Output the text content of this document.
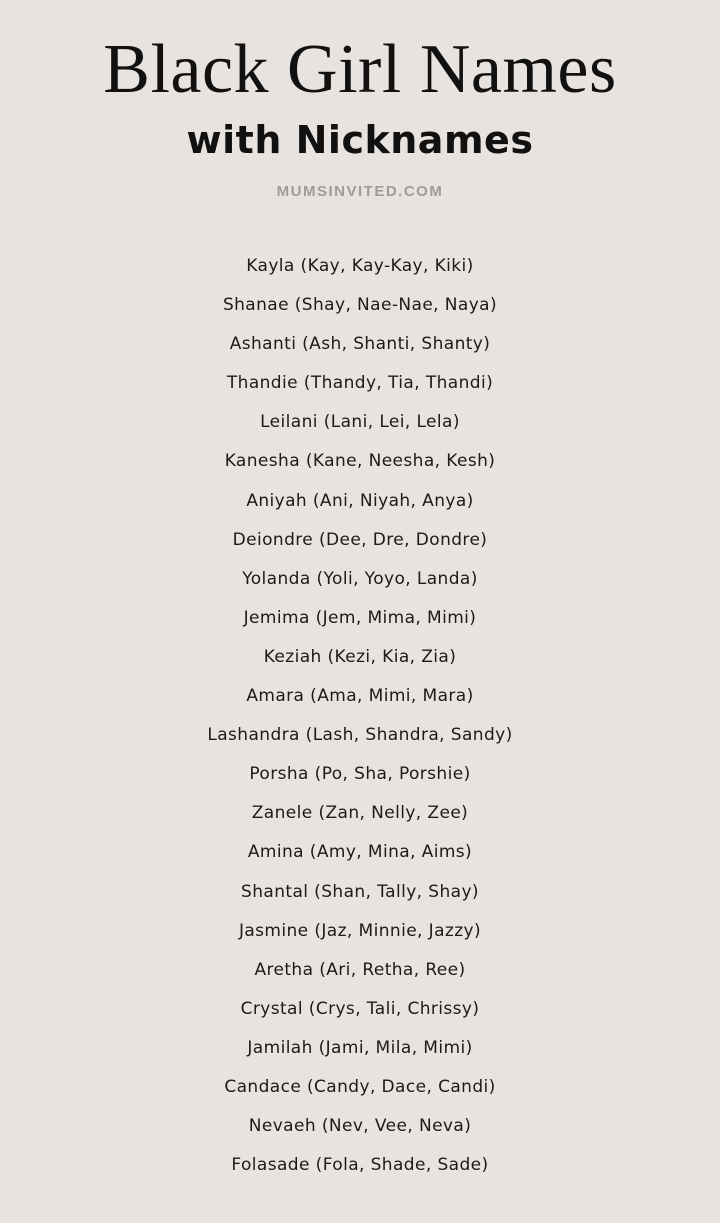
Black Girl Names
with Nicknames
MUMSINVITED.COM
Kayla (Kay, Kay-Kay, Kiki)
Shanae (Shay, Nae-Nae, Naya)
Ashanti (Ash, Shanti, Shanty)
Thandie (Thandy, Tia, Thandi)
Leilani (Lani, Lei, Lela)
Kanesha (Kane, Neesha, Kesh)
Aniyah (Ani, Niyah, Anya)
Deiondre (Dee, Dre, Dondre)
Yolanda (Yoli, Yoyo, Landa)
Jemima (Jem, Mima, Mimi)
Keziah (Kezi, Kia, Zia)
Amara (Ama, Mimi, Mara)
Lashandra (Lash, Shandra, Sandy)
Porsha (Po, Sha, Porshie)
Zanele (Zan, Nelly, Zee)
Amina (Amy, Mina, Aims)
Shantal (Shan, Tally, Shay)
Jasmine (Jaz, Minnie, Jazzy)
Aretha (Ari, Retha, Ree)
Crystal (Crys, Tali, Chrissy)
Jamilah (Jami, Mila, Mimi)
Candace (Candy, Dace, Candi)
Nevaeh (Nev, Vee, Neva)
Folasade (Fola, Shade, Sade)
